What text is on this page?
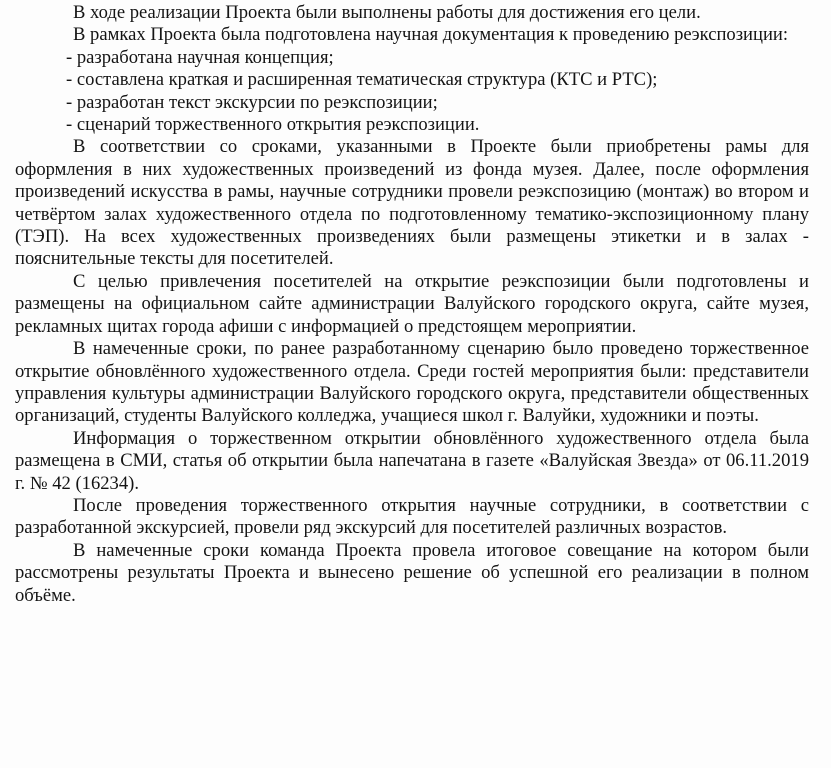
В ходе реализации Проекта были выполнены работы для достижения его цели.

В рамках Проекта была подготовлена научная документация к проведению реэкспозиции:

- разработана научная концепция;
- составлена краткая и расширенная тематическая структура (КТС и РТС);
- разработан текст экскурсии по реэкспозиции;
- сценарий торжественного открытия реэкспозиции.

В соответствии со сроками, указанными в Проекте были приобретены рамы для оформления в них художественных произведений из фонда музея. Далее, после оформления произведений искусства в рамы, научные сотрудники провели реэкспозицию (монтаж) во втором и четвёртом залах художественного отдела по подготовленному тематико-экспозиционному плану (ТЭП). На всех художественных произведениях были размещены этикетки и в залах - пояснительные тексты для посетителей.

С целью привлечения посетителей на открытие реэкспозиции были подготовлены и размещены на официальном сайте администрации Валуйского городского округа, сайте музея, рекламных щитах города афиши с информацией о предстоящем мероприятии.

В намеченные сроки, по ранее разработанному сценарию было проведено торжественное открытие обновлённого художественного отдела. Среди гостей мероприятия были: представители управления культуры администрации Валуйского городского округа, представители общественных организаций, студенты Валуйского колледжа, учащиеся школ г. Валуйки, художники и поэты.

Информация о торжественном открытии обновлённого художественного отдела была размещена в СМИ, статья об открытии была напечатана в газете «Валуйская Звезда» от 06.11.2019 г. № 42 (16234).

После проведения торжественного открытия научные сотрудники, в соответствии с разработанной экскурсией, провели ряд экскурсий для посетителей различных возрастов.

В намеченные сроки команда Проекта провела итоговое совещание на котором были рассмотрены результаты Проекта и вынесено решение об успешной его реализации в полном объёме.
